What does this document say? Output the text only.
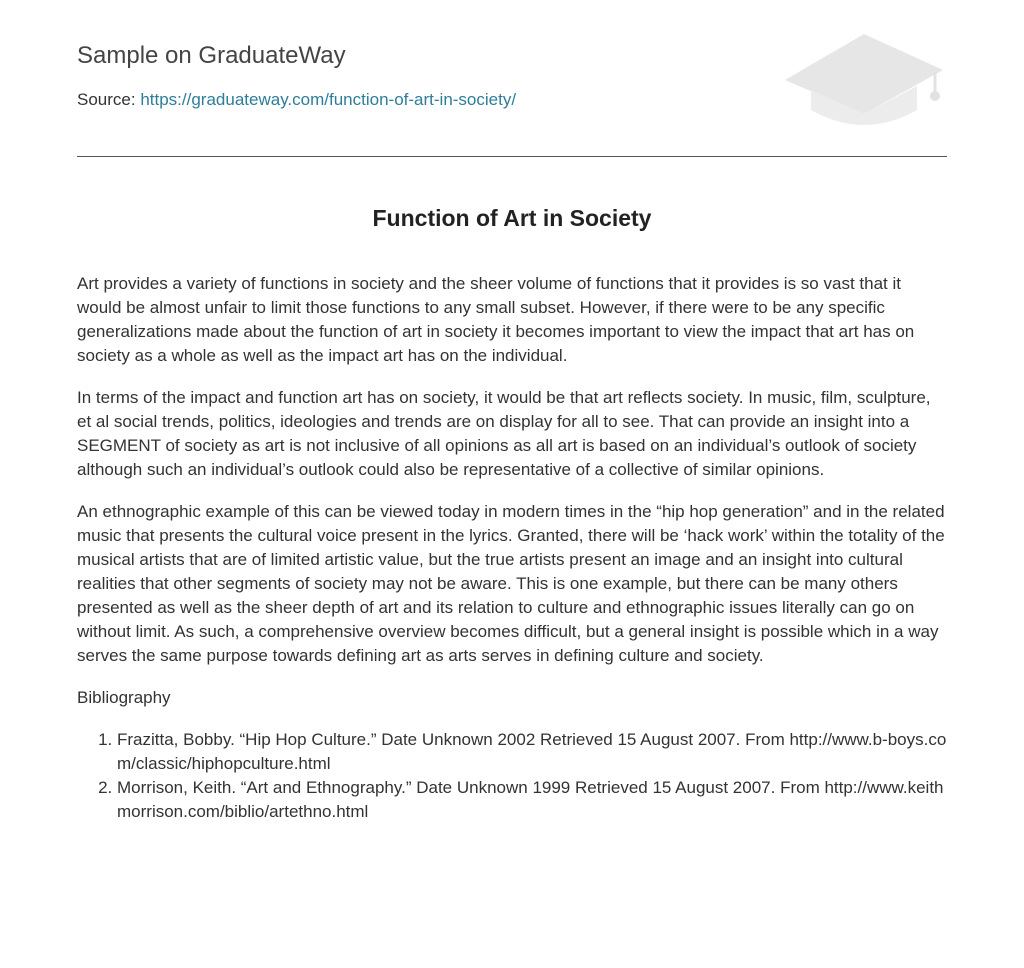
Sample on GraduateWay
Source: https://graduateway.com/function-of-art-in-society/
Function of Art in Society

Art provides a variety of functions in society and the sheer volume of functions that it provides is so vast that it would be almost unfair to limit those functions to any small subset. However, if there were to be any specific generalizations made about the function of art in society it becomes important to view the impact that art has on society as a whole as well as the impact art has on the individual.

In terms of the impact and function art has on society, it would be that art reflects society. In music, film, sculpture, et al social trends, politics, ideologies and trends are on display for all to see. That can provide an insight into a SEGMENT of society as art is not inclusive of all opinions as all art is based on an individual’s outlook of society although such an individual’s outlook could also be representative of a collective of similar opinions.

An ethnographic example of this can be viewed today in modern times in the “hip hop generation” and in the related music that presents the cultural voice present in the lyrics. Granted, there will be ‘hack work’ within the totality of the musical artists that are of limited artistic value, but the true artists present an image and an insight into cultural realities that other segments of society may not be aware. This is one example, but there can be many others presented as well as the sheer depth of art and its relation to culture and ethnographic issues literally can go on without limit. As such, a comprehensive overview becomes difficult, but a general insight is possible which in a way serves the same purpose towards defining art as arts serves in defining culture and society.

Bibliography
1. Frazitta, Bobby. “Hip Hop Culture.” Date Unknown 2002 Retrieved 15 August 2007. From http://www.b-boys.com/classic/hiphopculture.html
2. Morrison, Keith. “Art and Ethnography.” Date Unknown 1999 Retrieved 15 August 2007. From http://www.keithmorrison.com/biblio/artethno.html
